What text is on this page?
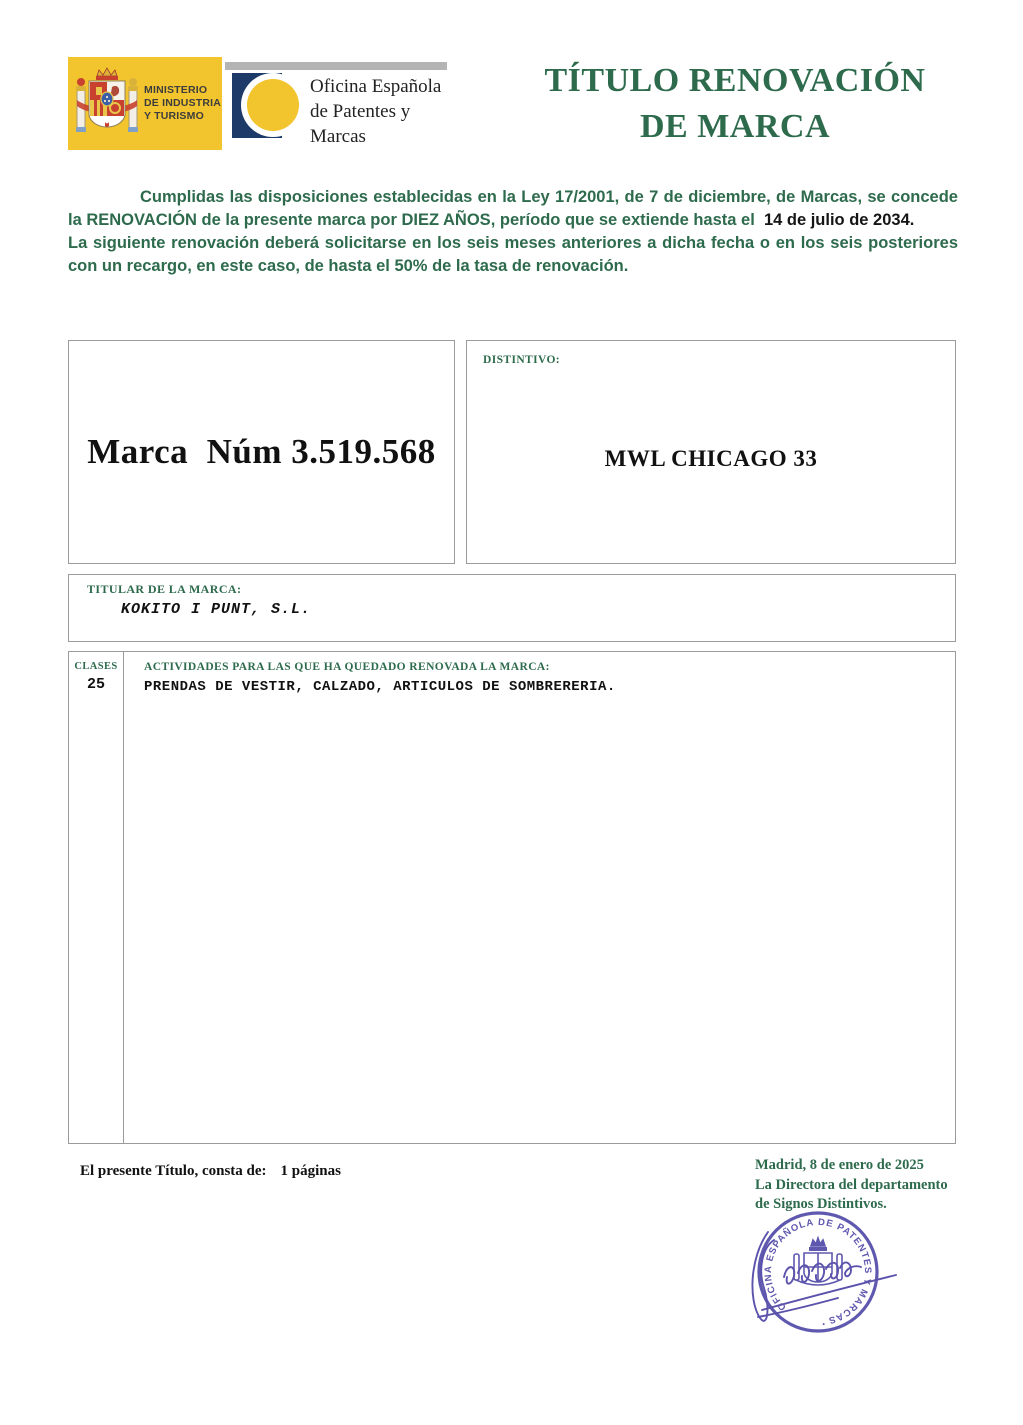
MINISTERIO
DE INDUSTRIA
Y TURISMO
Oficina Española
de Patentes y Marcas
TÍTULO RENOVACIÓN
DE MARCA

Cumplidas las disposiciones establecidas en la Ley 17/2001, de 7 de diciembre, de Marcas, se concede la RENOVACIÓN de la presente marca por DIEZ AÑOS, período que se extiende hasta el  14 de julio de 2034.

La siguiente renovación deberá solicitarse en los seis meses anteriores a dicha fecha o en los seis posteriores con un recargo, en este caso, de hasta el 50% de la tasa de renovación.

Marca  Núm 3.519.568
DISTINTIVO:
MWL CHICAGO 33
TITULAR DE LA MARCA:
KOKITO I PUNT, S.L.
CLASES
25
ACTIVIDADES PARA LAS QUE HA QUEDADO RENOVADA LA MARCA:
PRENDAS DE VESTIR, CALZADO, ARTICULOS DE SOMBRERERIA.
El presente Título, consta de: 1 páginas	Madrid, 8 de enero de 2025
La Directora del departamento
de Signos Distintivos.
OFICINA ESPAÑOLA DE PATENTES Y MARCAS
·
